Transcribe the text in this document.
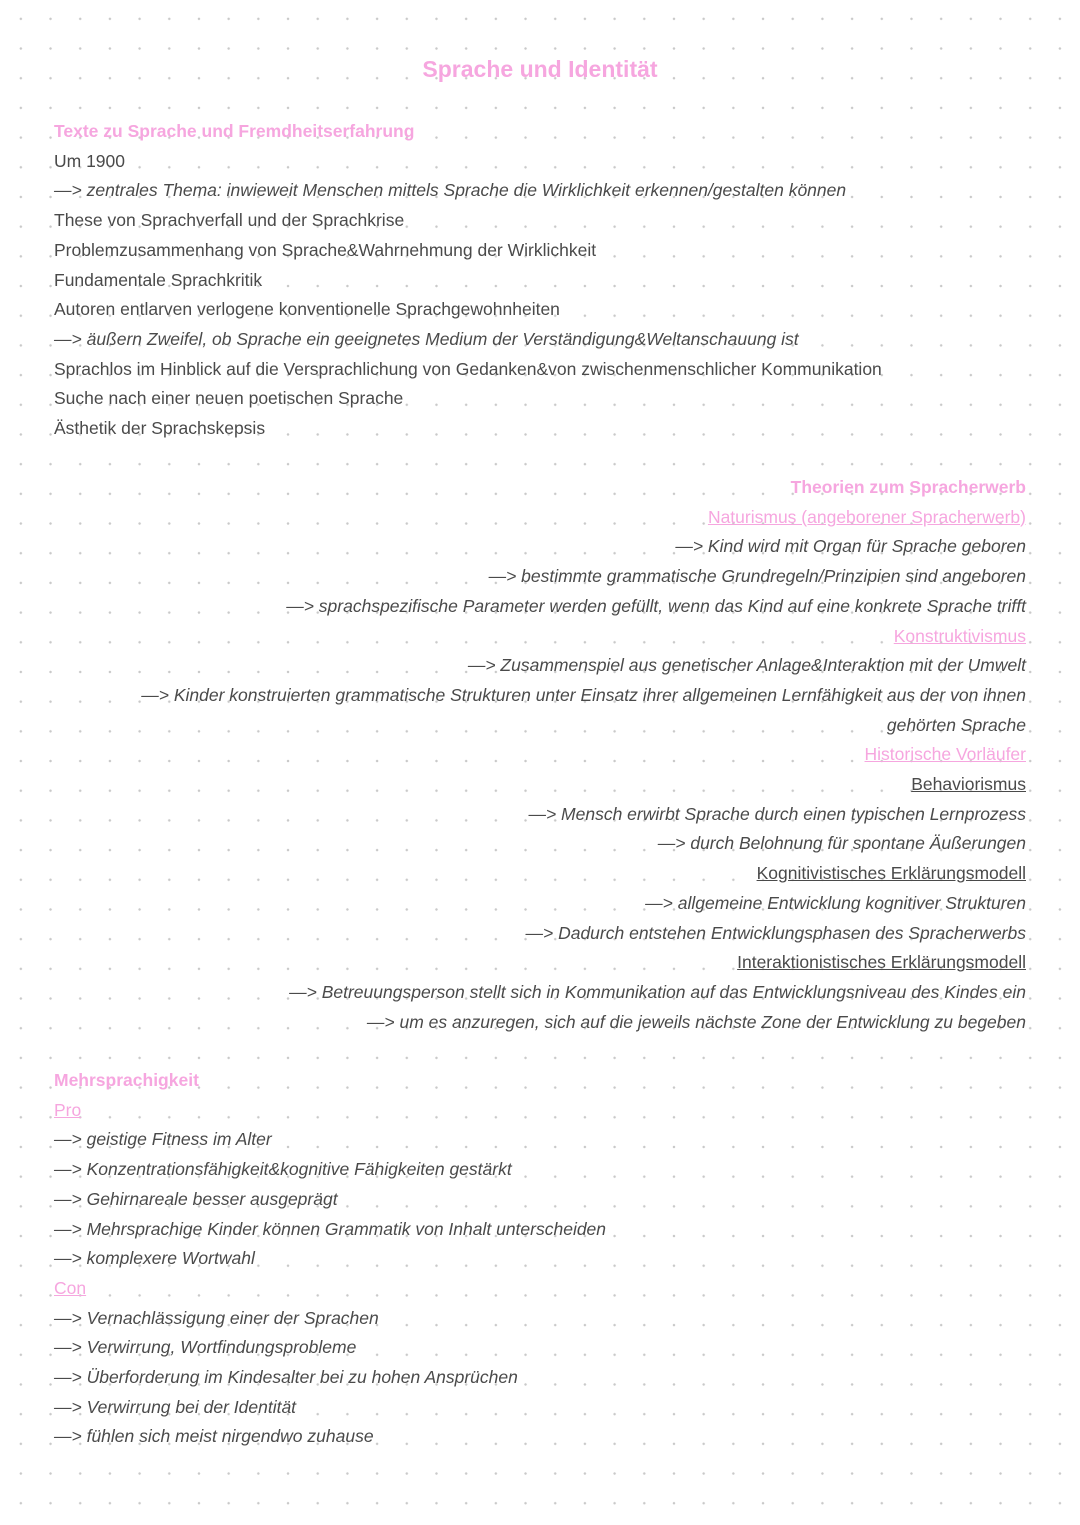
Sprache und Identität
Texte zu Sprache und Fremdheitserfahrung
Um 1900
—> zentrales Thema: inwieweit Menschen mittels Sprache die Wirklichkeit erkennen/gestalten können
These von Sprachverfall und der Sprachkrise
Problemzusammenhang von Sprache&Wahrnehmung der Wirklichkeit
Fundamentale Sprachkritik
Autoren entlarven verlogene konventionelle Sprachgewohnheiten
—> äußern Zweifel, ob Sprache ein geeignetes Medium der Verständigung&Weltanschauung ist
Sprachlos im Hinblick auf die Versprachlichung von Gedanken&von zwischenmenschlicher Kommunikation
Suche nach einer neuen poetischen Sprache
Ästhetik der Sprachskepsis
Theorien zum Spracherwerb
Naturismus (angeborener Spracherwerb)
—> Kind wird mit Organ für Sprache geboren
—> bestimmte grammatische Grundregeln/Prinzipien sind angeboren
—> sprachspezifische Parameter werden gefüllt, wenn das Kind auf eine konkrete Sprache trifft
Konstruktivismus
—> Zusammenspiel aus genetischer Anlage&Interaktion mit der Umwelt
—> Kinder konstruierten grammatische Strukturen unter Einsatz ihrer allgemeinen Lernfähigkeit aus der von ihnen gehörten Sprache
Historische Vorläufer
Behaviorismus
—> Mensch erwirbt Sprache durch einen typischen Lernprozess
—> durch Belohnung für spontane Äußerungen
Kognitivistisches Erklärungsmodell
—> allgemeine Entwicklung kognitiver Strukturen
—> Dadurch entstehen Entwicklungsphasen des Spracherwerbs
Interaktionistisches Erklärungsmodell
—> Betreuungsperson stellt sich in Kommunikation auf das Entwicklungsniveau des Kindes ein
—> um es anzuregen, sich auf die jeweils nächste Zone der Entwicklung zu begeben
Mehrsprachigkeit
Pro
—> geistige Fitness im Alter
—> Konzentrationsfähigkeit&kognitive Fähigkeiten gestärkt
—> Gehirnareale besser ausgeprägt
—> Mehrsprachige Kinder können Grammatik von Inhalt unterscheiden
—> komplexere Wortwahl
Con
—> Vernachlässigung einer der Sprachen
—> Verwirrung, Wortfindungsprobleme
—> Überforderung im Kindesalter bei zu hohen Ansprüchen
—> Verwirrung bei der Identität
—> fühlen sich meist nirgendwo zuhause
